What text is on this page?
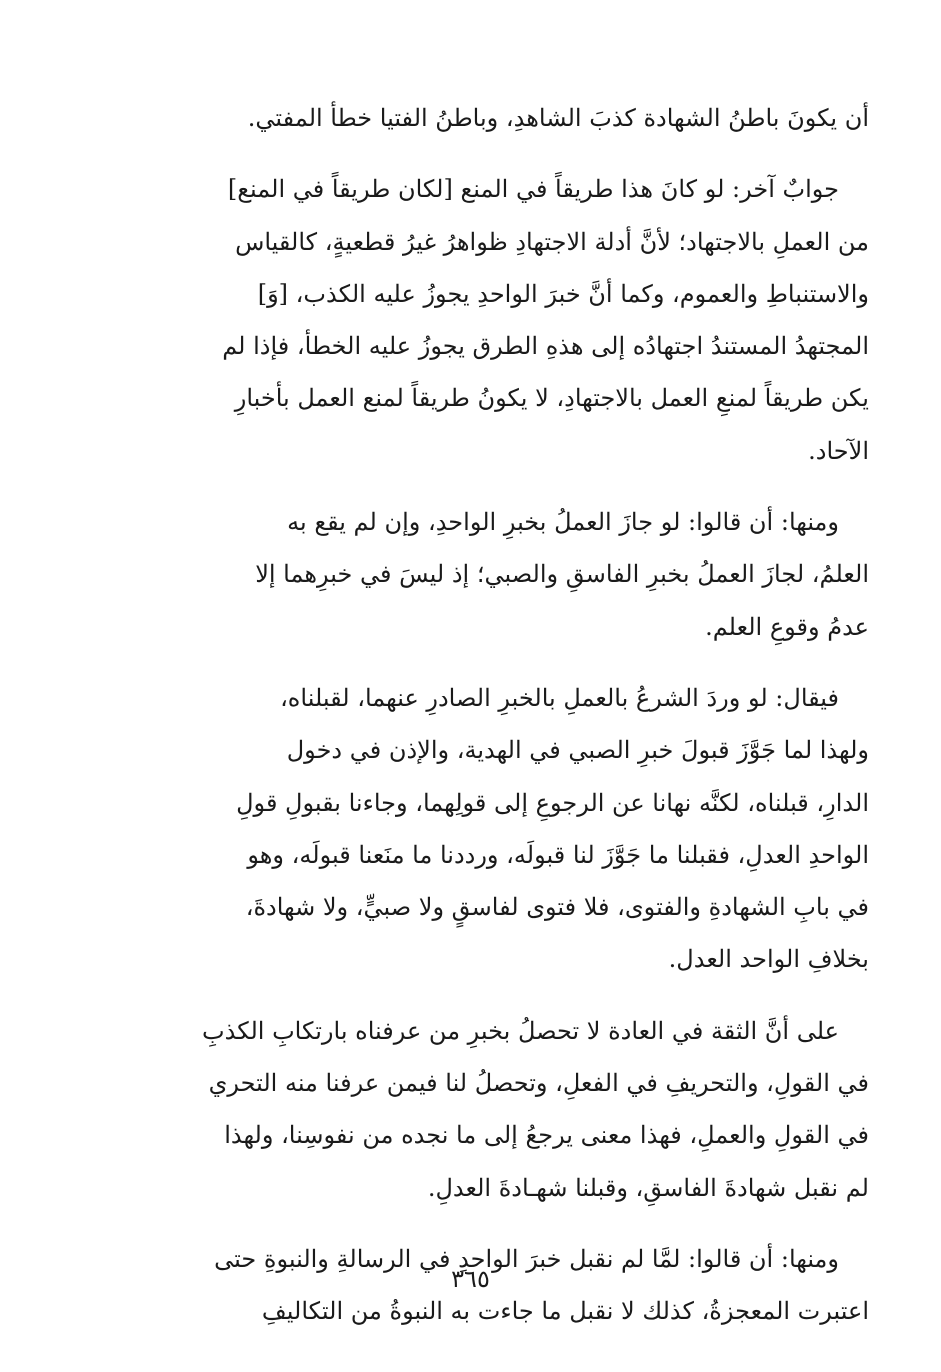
أن يكونَ باطنُ الشهادة كذبَ الشاهدِ، وباطنُ الفتيا خطأ المفتي.
جوابٌ آخر: لو كانَ هذا طريقاً في المنع [لكان طريقاً في المنع]
من العملِ بالاجتهاد؛ لأنَّ أدلة الاجتهادِ ظواهرُ غيرُ قطعيةٍ، كالقياس
والاستنباطِ والعموم، وكما أنَّ خبرَ الواحدِ يجوزُ عليه الكذب، [وَ]
المجتهدُ المستندُ اجتهادُه إلى هذهِ الطرق يجوزُ عليه الخطأ، فإذا لم
يكن طريقاً لمنعِ العمل بالاجتهادِ، لا يكونُ طريقاً لمنع العمل بأخبارِ
الآحاد.
ومنها: أن قالوا: لو جازَ العملُ بخبرِ الواحدِ، وإن لم يقع به
العلمُ، لجازَ العملُ بخبرِ الفاسقِ والصبي؛ إذ ليسَ في خبرِهما إلا
عدمُ وقوعِ العلم.
فيقال: لو وردَ الشرعُ بالعملِ بالخبرِ الصادرِ عنهما، لقبلناه،
ولهذا لما جَوَّزَ قبولَ خبرِ الصبي في الهدية، والإذن في دخول
الدارِ، قبلناه، لكنَّه نهانا عن الرجوعِ إلى قولِهما، وجاءنا بقبولِ قولِ
الواحدِ العدلِ، فقبلنا ما جَوَّزَ لنا قبولَه، ورددنا ما منَعنا قبولَه، وهو
في بابِ الشهادةِ والفتوى، فلا فتوى لفاسقٍ ولا صبيٍّ، ولا شهادةَ،
بخلافِ الواحد العدل.
على أنَّ الثقة في العادة لا تحصلُ بخبرِ من عرفناه بارتكابِ الكذبِ
في القولِ، والتحريفِ في الفعلِ، وتحصلُ لنا فيمن عرفنا منه التحري
في القولِ والعملِ، فهذا معنى يرجعُ إلى ما نجده من نفوسِنا، ولهذا
لم نقبل شهادةَ الفاسقِ، وقبلنا شهـادةَ العدلِ.
ومنها: أن قالوا: لمَّا لم نقبل خبرَ الواحدِ في الرسالةِ والنبوةِ حتى
اعتبرت المعجزةُ، كذلك لا نقبل ما جاءت به النبوةُ من التكاليفِ
٣٦٥
